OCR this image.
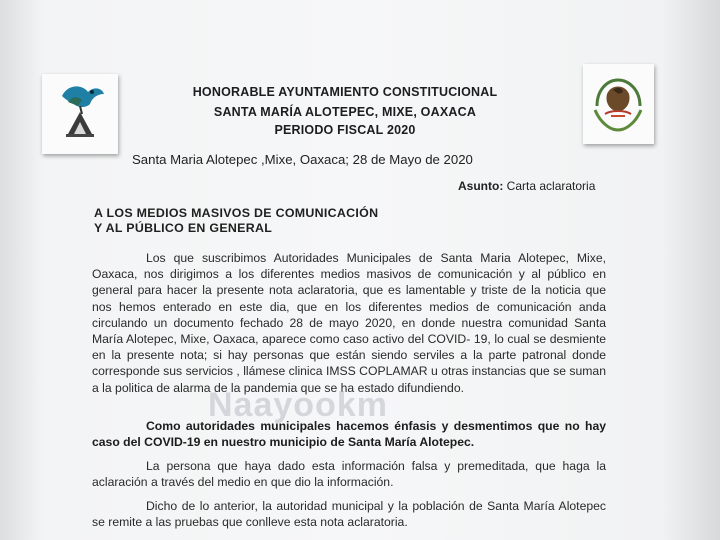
HONORABLE AYUNTAMIENTO CONSTITUCIONAL
SANTA MARÍA ALOTEPEC, MIXE, OAXACA
PERIODO FISCAL 2020
Santa Maria Alotepec ,Mixe, Oaxaca; 28 de Mayo de 2020
Asunto: Carta aclaratoria
A LOS MEDIOS MASIVOS DE COMUNICACIÓN
Y AL PÚBLICO EN GENERAL
Los que suscribimos Autoridades Municipales de Santa Maria Alotepec, Mixe, Oaxaca, nos dirigimos a los diferentes medios masivos de comunicación y al público en general para hacer la presente nota aclaratoria, que es lamentable y triste de la noticia que nos hemos enterado en este dia, que en los diferentes medios de comunicación anda circulando un documento fechado 28 de mayo 2020, en donde nuestra comunidad Santa María Alotepec, Mixe, Oaxaca, aparece como caso activo del COVID- 19, lo cual se desmiente en la presente nota; si hay personas que están siendo serviles a la parte patronal donde corresponde sus servicios , llámese clinica IMSS COPLAMAR u otras instancias que se suman a la politica de alarma de la pandemia que se ha estado difundiendo.
Como autoridades municipales hacemos énfasis y desmentimos que no hay caso del COVID-19 en nuestro municipio de Santa María Alotepec.
La persona que haya dado esta información falsa y premeditada, que haga la aclaración a través del medio en que dio la información.
Dicho de lo anterior, la autoridad municipal y la población de Santa María Alotepec se remite a las pruebas que conlleve esta nota aclaratoria.
Naayookm
